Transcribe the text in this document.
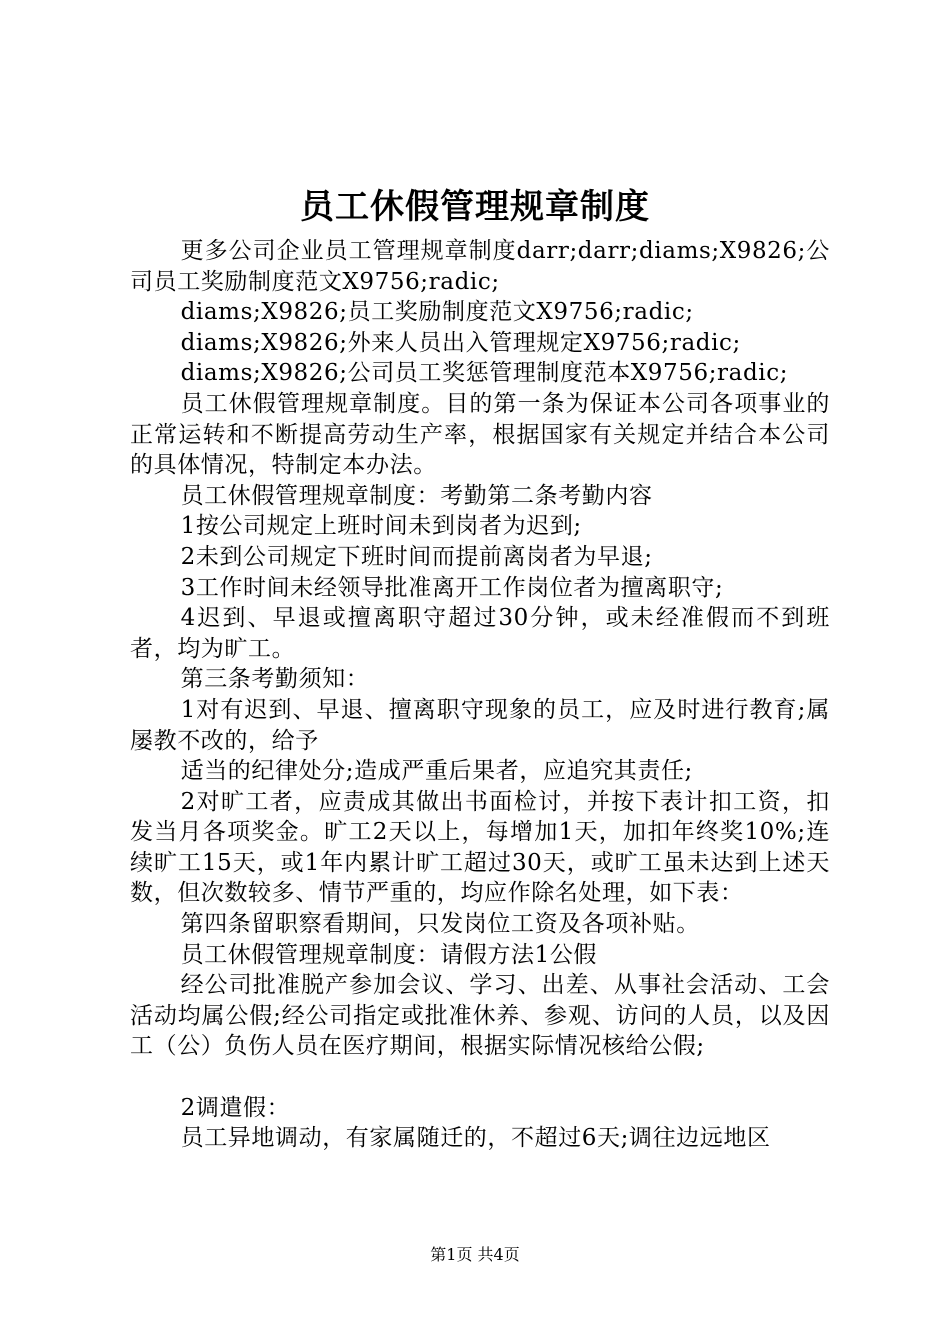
员工休假管理规章制度

更多公司企业员工管理规章制度darr;darr;diams;X9826;公司员工奖励制度范文X9756;radic;

diams;X9826;员工奖励制度范文X9756;radic;

diams;X9826;外来人员出入管理规定X9756;radic;

diams;X9826;公司员工奖惩管理制度范本X9756;radic;

员工休假管理规章制度。目的第一条为保证本公司各项事业的正常运转和不断提高劳动生产率，根据国家有关规定并结合本公司的具体情况，特制定本办法。

员工休假管理规章制度：考勤第二条考勤内容

1按公司规定上班时间未到岗者为迟到;

2未到公司规定下班时间而提前离岗者为早退;

3工作时间未经领导批准离开工作岗位者为擅离职守;

4迟到、早退或擅离职守超过30分钟，或未经准假而不到班者，均为旷工。

第三条考勤须知：

1对有迟到、早退、擅离职守现象的员工，应及时进行教育;属屡教不改的，给予

适当的纪律处分;造成严重后果者，应追究其责任;

2对旷工者，应责成其做出书面检讨，并按下表计扣工资，扣发当月各项奖金。旷工2天以上，每增加1天，加扣年终奖10%;连续旷工15天，或1年内累计旷工超过30天，或旷工虽未达到上述天数，但次数较多、情节严重的，均应作除名处理，如下表：

第四条留职察看期间，只发岗位工资及各项补贴。

员工休假管理规章制度：请假方法1公假

经公司批准脱产参加会议、学习、出差、从事社会活动、工会活动均属公假;经公司指定或批准休养、参观、访问的人员，以及因工（公）负伤人员在医疗期间，根据实际情况核给公假;

2调遣假：

员工异地调动，有家属随迁的，不超过6天;调往边远地区

第1页 共4页
